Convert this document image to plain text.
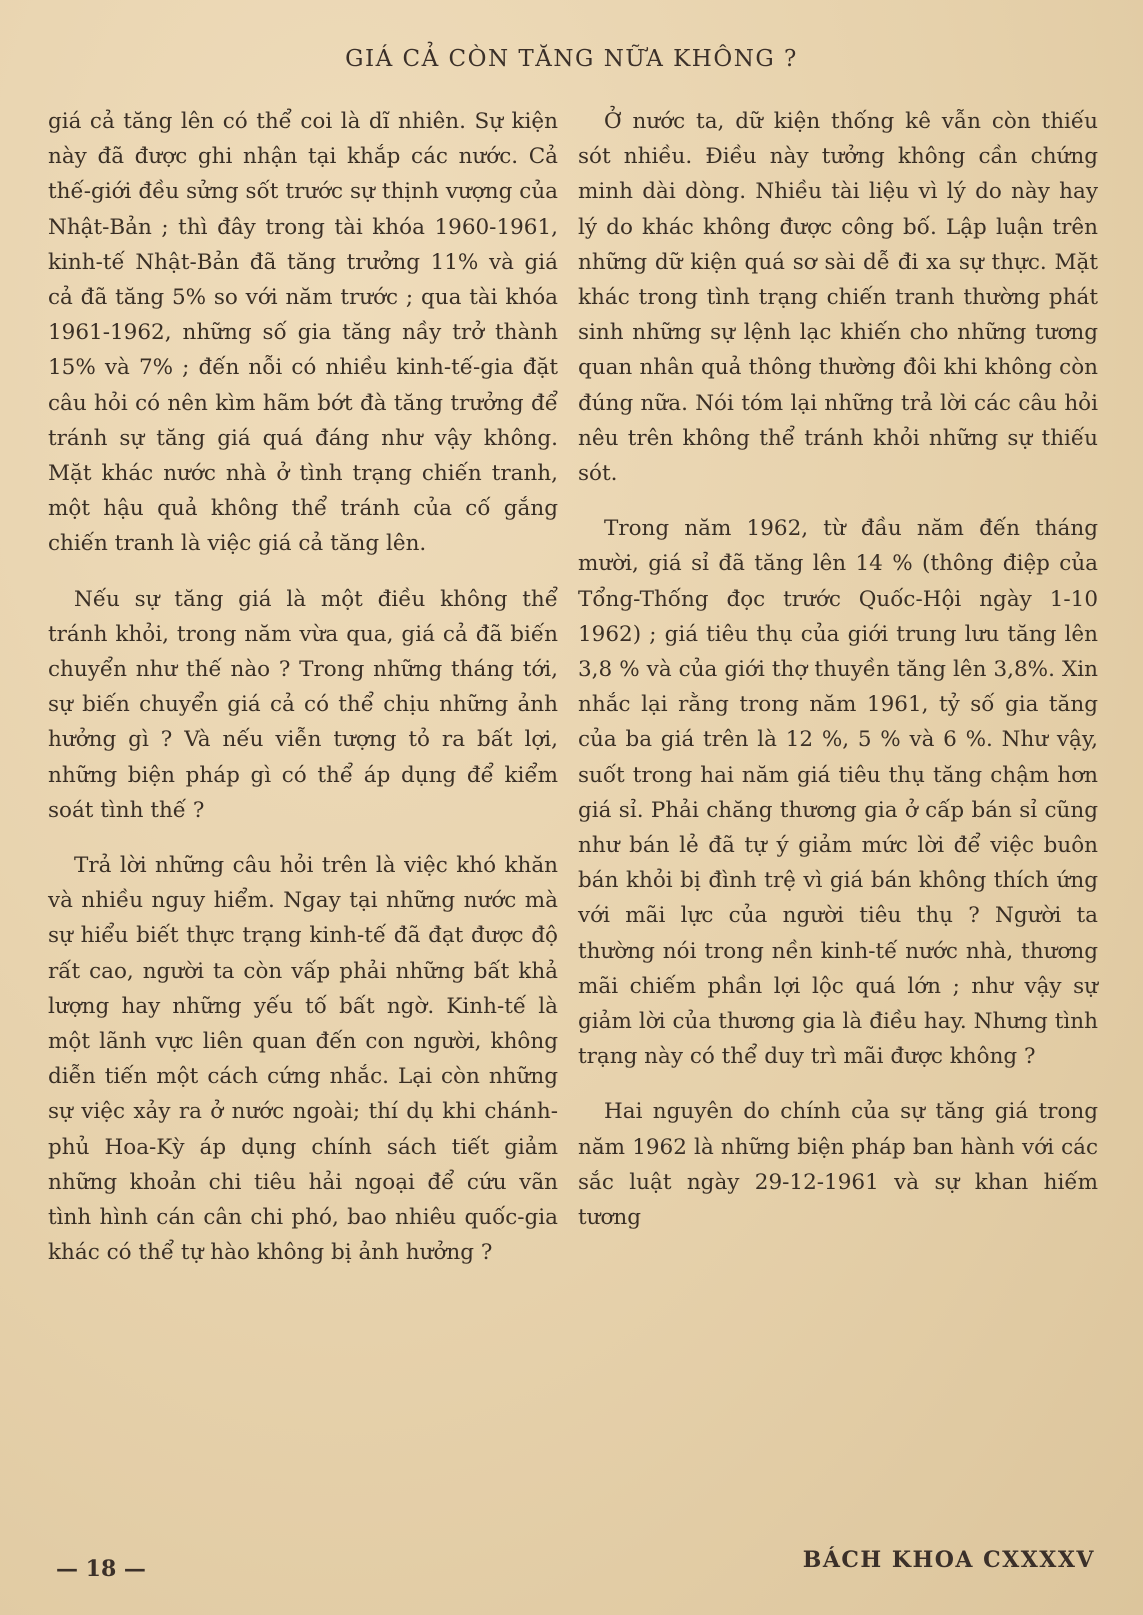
GIÁ CẢ CÒN TĂNG NỮA KHÔNG ?

giá cả tăng lên có thể coi là dĩ nhiên. Sự kiện này đã được ghi nhận tại khắp các nước. Cả thế-giới đều sửng sốt trước sự thịnh vượng của Nhật-Bản ; thì đây trong tài khóa 1960-1961, kinh-tế Nhật-Bản đã tăng trưởng 11% và giá cả đã tăng 5% so với năm trước ; qua tài khóa 1961-1962, những số gia tăng nầy trở thành 15% và 7% ; đến nỗi có nhiều kinh-tế-gia đặt câu hỏi có nên kìm hãm bớt đà tăng trưởng để tránh sự tăng giá quá đáng như vậy không. Mặt khác nước nhà ở tình trạng chiến tranh, một hậu quả không thể tránh của cố gắng chiến tranh là việc giá cả tăng lên.

Nếu sự tăng giá là một điều không thể tránh khỏi, trong năm vừa qua, giá cả đã biến chuyển như thế nào ? Trong những tháng tới, sự biến chuyển giá cả có thể chịu những ảnh hưởng gì ? Và nếu viễn tượng tỏ ra bất lợi, những biện pháp gì có thể áp dụng để kiểm soát tình thế ?

Trả lời những câu hỏi trên là việc khó khăn và nhiều nguy hiểm. Ngay tại những nước mà sự hiểu biết thực trạng kinh-tế đã đạt được độ rất cao, người ta còn vấp phải những bất khả lượng hay những yếu tố bất ngờ. Kinh-tế là một lãnh vực liên quan đến con người, không diễn tiến một cách cứng nhắc. Lại còn những sự việc xảy ra ở nước ngoài; thí dụ khi chánh-phủ Hoa-Kỳ áp dụng chính sách tiết giảm những khoản chi tiêu hải ngoại để cứu vãn tình hình cán cân chi phó, bao nhiêu quốc-gia khác có thể tự hào không bị ảnh hưởng ?

Ở nước ta, dữ kiện thống kê vẫn còn thiếu sót nhiều. Điều này tưởng không cần chứng minh dài dòng. Nhiều tài liệu vì lý do này hay lý do khác không được công bố. Lập luận trên những dữ kiện quá sơ sài dễ đi xa sự thực. Mặt khác trong tình trạng chiến tranh thường phát sinh những sự lệnh lạc khiến cho những tương quan nhân quả thông thường đôi khi không còn đúng nữa. Nói tóm lại những trả lời các câu hỏi nêu trên không thể tránh khỏi những sự thiếu sót.

Trong năm 1962, từ đầu năm đến tháng mười, giá sỉ đã tăng lên 14 % (thông điệp của Tổng-Thống đọc trước Quốc-Hội ngày 1-10 1962) ; giá tiêu thụ của giới trung lưu tăng lên 3,8 % và của giới thợ thuyền tăng lên 3,8%. Xin nhắc lại rằng trong năm 1961, tỷ số gia tăng của ba giá trên là 12 %, 5 % và 6 %. Như vậy, suốt trong hai năm giá tiêu thụ tăng chậm hơn giá sỉ. Phải chăng thương gia ở cấp bán sỉ cũng như bán lẻ đã tự ý giảm mức lời để việc buôn bán khỏi bị đình trệ vì giá bán không thích ứng với mãi lực của người tiêu thụ ? Người ta thường nói trong nền kinh-tế nước nhà, thương mãi chiếm phần lợi lộc quá lớn ; như vậy sự giảm lời của thương gia là điều hay. Nhưng tình trạng này có thể duy trì mãi được không ?

Hai nguyên do chính của sự tăng giá trong năm 1962 là những biện pháp ban hành với các sắc luật ngày 29-12-1961 và sự khan hiếm tương

— 18 —	BÁCH KHOA CXXXXV
